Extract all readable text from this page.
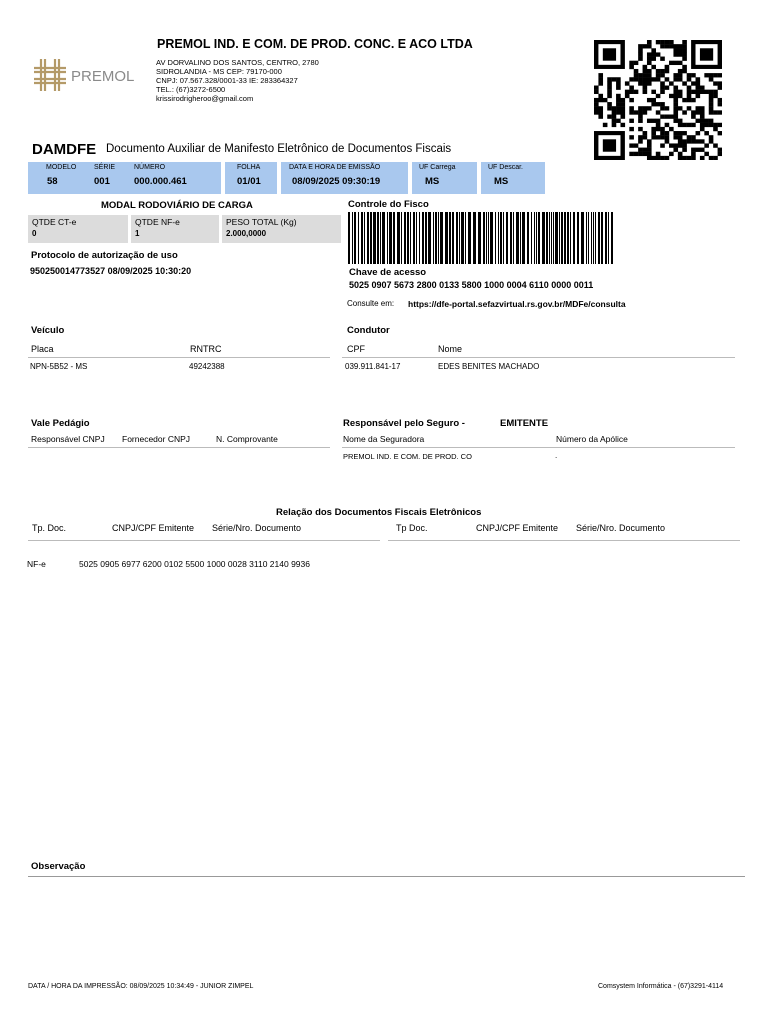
PREMOL
PREMOL IND. E COM. DE PROD. CONC. E ACO LTDA
AV DORVALINO DOS SANTOS, CENTRO, 2780
SIDROLANDIA - MS CEP: 79170-000
CNPJ: 07.567.328/0001-33 IE: 283364327
TEL.: (67)3272-6500
krissirodrigheroo@gmail.com
DAMDFE Documento Auxiliar de Manifesto Eletrônico de Documentos Fiscais
MODELO
58
SÉRIE
001
NÚMERO
000.000.461
FOLHA
01/01
DATA E HORA DE EMISSÃO
08/09/2025 09:30:19
UF Carrega
MS
UF Descar.
MS
MODAL RODOVIÁRIO DE CARGA
QTDE CT-e
0
QTDE NF-e
1
PESO TOTAL (Kg)
2.000,0000
Protocolo de autorização de uso
950250014773527 08/09/2025 10:30:20
Controle do Fisco
Chave de acesso
5025 0907 5673 2800 0133 5800 1000 0004 6110 0000 0011
Consulte em: https://dfe-portal.sefazvirtual.rs.gov.br/MDFe/consulta
Veículo
Placa	RNTRC
NPN-5B52 - MS	49242388
Condutor
CPF	Nome
039.911.841-17	EDES BENITES MACHADO
Vale Pedágio
Responsável CNPJ Fornecedor CNPJ	N. Comprovante
Responsável pelo Seguro -	EMITENTE
Nome da Seguradora	Número da Apólice
PREMOL IND. E COM. DE PROD. CO	.
Relação dos Documentos Fiscais Eletrônicos
Tp. Doc.	CNPJ/CPF Emitente Série/Nro. Documento	Tp Doc.	CNPJ/CPF Emitente Série/Nro. Documento
NF-e	5025 0905 6977 6200 0102 5500 1000 0028 3110 2140 9936
Observação
DATA / HORA DA IMPRESSÃO: 08/09/2025 10:34:49 - JUNIOR ZIMPEL	Comsystem Informática - (67)3291-4114
